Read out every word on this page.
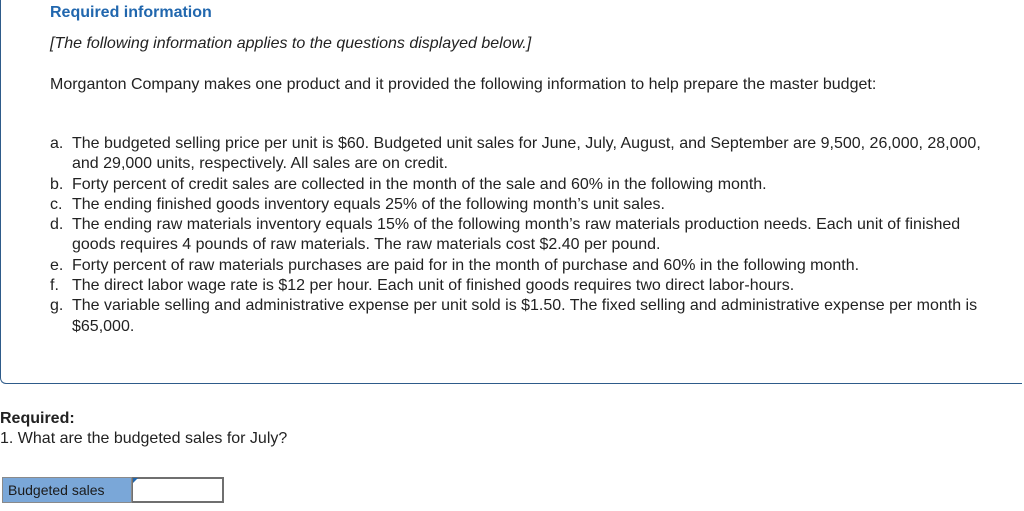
Required information
[The following information applies to the questions displayed below.]
Morganton Company makes one product and it provided the following information to help prepare the master budget:
a. The budgeted selling price per unit is $60. Budgeted unit sales for June, July, August, and September are 9,500, 26,000, 28,000, and 29,000 units, respectively. All sales are on credit.
b. Forty percent of credit sales are collected in the month of the sale and 60% in the following month.
c. The ending finished goods inventory equals 25% of the following month’s unit sales.
d. The ending raw materials inventory equals 15% of the following month’s raw materials production needs. Each unit of finished goods requires 4 pounds of raw materials. The raw materials cost $2.40 per pound.
e. Forty percent of raw materials purchases are paid for in the month of purchase and 60% in the following month.
f. The direct labor wage rate is $12 per hour. Each unit of finished goods requires two direct labor-hours.
g. The variable selling and administrative expense per unit sold is $1.50. The fixed selling and administrative expense per month is $65,000.
Required:
1. What are the budgeted sales for July?
Budgeted sales
